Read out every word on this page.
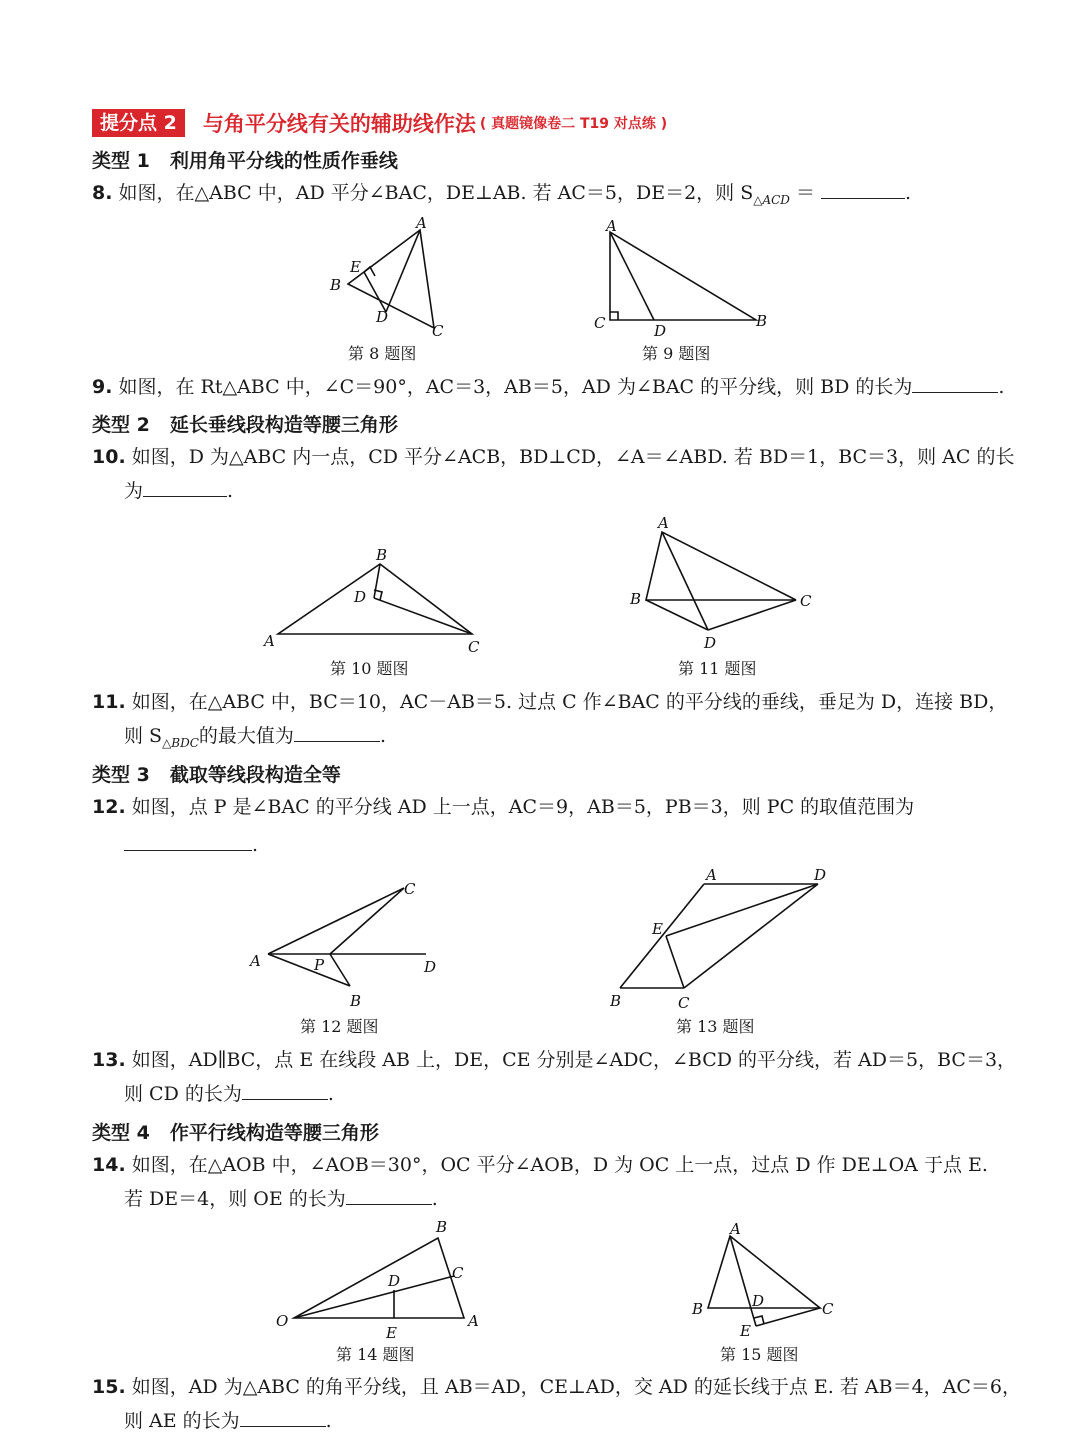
提分点 2	与角平分线有关的辅助线作法 ( 真题镜像卷二 T19 对点练 )
类型 1 利用角平分线的性质作垂线
8. 如图，在△ABC 中，AD 平分∠BAC，DE⊥AB. 若 AC＝5，DE＝2，则 $S_{\triangle ACD}$ ＝	.
A
B
C
D
E
第 8 题图
A
C	D
B
第 9 题图
9. 如图，在 Rt△ABC 中，∠C＝90°，AC＝3，AB＝5，AD 为∠BAC 的平分线，则 BD 的长为	.
类型 2 延长垂线段构造等腰三角形
10. 如图，D 为△ABC 内一点，CD 平分∠ACB，BD⊥CD，∠A＝∠ABD. 若 BD＝1，BC＝3，则 AC 的长
为	.
B
D
A	C
第 10 题图
A
B	C
D
第 11 题图
11. 如图，在△ABC 中，BC＝10，AC－AB＝5. 过点 C 作∠BAC 的平分线的垂线，垂足为 D，连接 BD，
则 $S_{\triangle BDC}$的最大值为	.
类型 3 截取等线段构造全等
12. 如图，点 P 是∠BAC 的平分线 AD 上一点，AC＝9，AB＝5，PB＝3，则 PC 的取值范围为
.
C
A	P	D
B
第 12 题图
A	D
E
B	C
第 13 题图
13. 如图，AD∥BC，点 E 在线段 AB 上，DE，CE 分别是∠ADC，∠BCD 的平分线，若 AD＝5，BC＝3，
则 CD 的长为	.
类型 4 作平行线构造等腰三角形
14. 如图，在△AOB 中，∠AOB＝30°，OC 平分∠AOB，D 为 OC 上一点，过点 D 作 DE⊥OA 于点 E.
若 DE＝4，则 OE 的长为	.
B
C
D
O	A
E
第 14 题图
A
B	D	C
E
第 15 题图
15. 如图，AD 为△ABC 的角平分线，且 AB＝AD，CE⊥AD，交 AD 的延长线于点 E. 若 AB＝4，AC＝6，
则 AE 的长为	.
